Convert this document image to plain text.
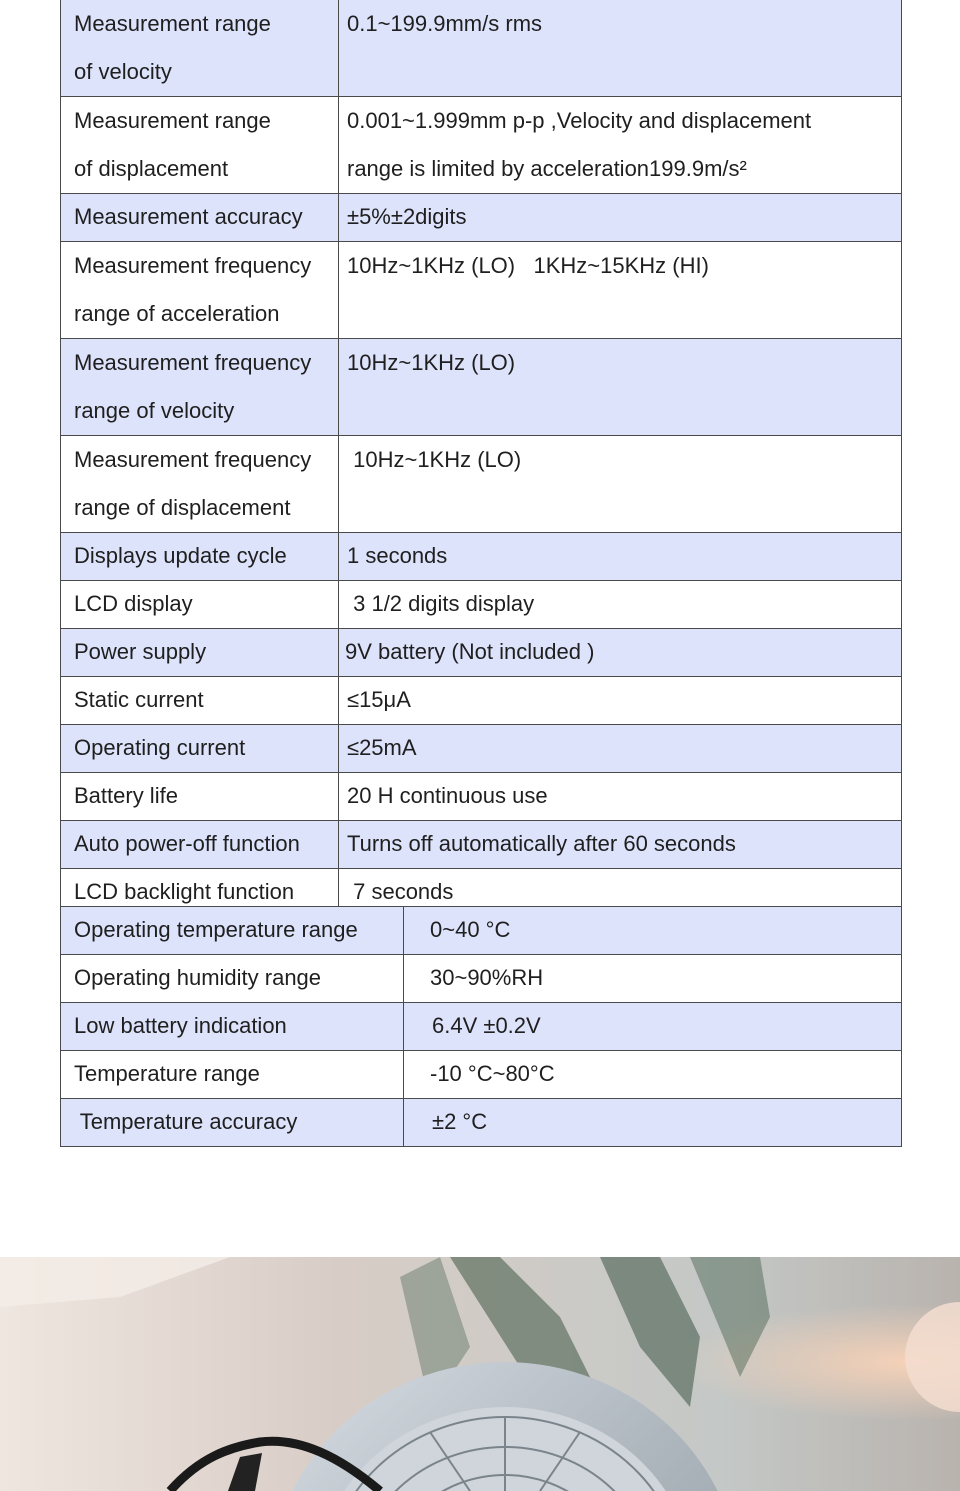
Measurement range
of velocity	0.1~199.9mm/s rms

Measurement range
of displacement	0.001~1.999mm p-p ,Velocity and displacement
range is limited by acceleration199.9m/s²

Measurement accuracy	±5%±2digits

Measurement frequency
range of acceleration	10Hz~1KHz (LO)   1KHz~15KHz (HI)

Measurement frequency
range of velocity	10Hz~1KHz (LO)

Measurement frequency
range of displacement	10Hz~1KHz (LO)

Displays update cycle	1 seconds
LCD display	3 1/2 digits display
Power supply	9V battery (Not included )
Static current	≤15μA
Operating current	≤25mA
Battery life	20 H continuous use
Auto power-off function	Turns off automatically after 60 seconds
LCD backlight function	7 seconds
Operating temperature range	0~40 °C
Operating humidity range	30~90%RH
Low battery indication	6.4V ±0.2V
Temperature range	-10 °C~80°C
Temperature accuracy	±2 °C
